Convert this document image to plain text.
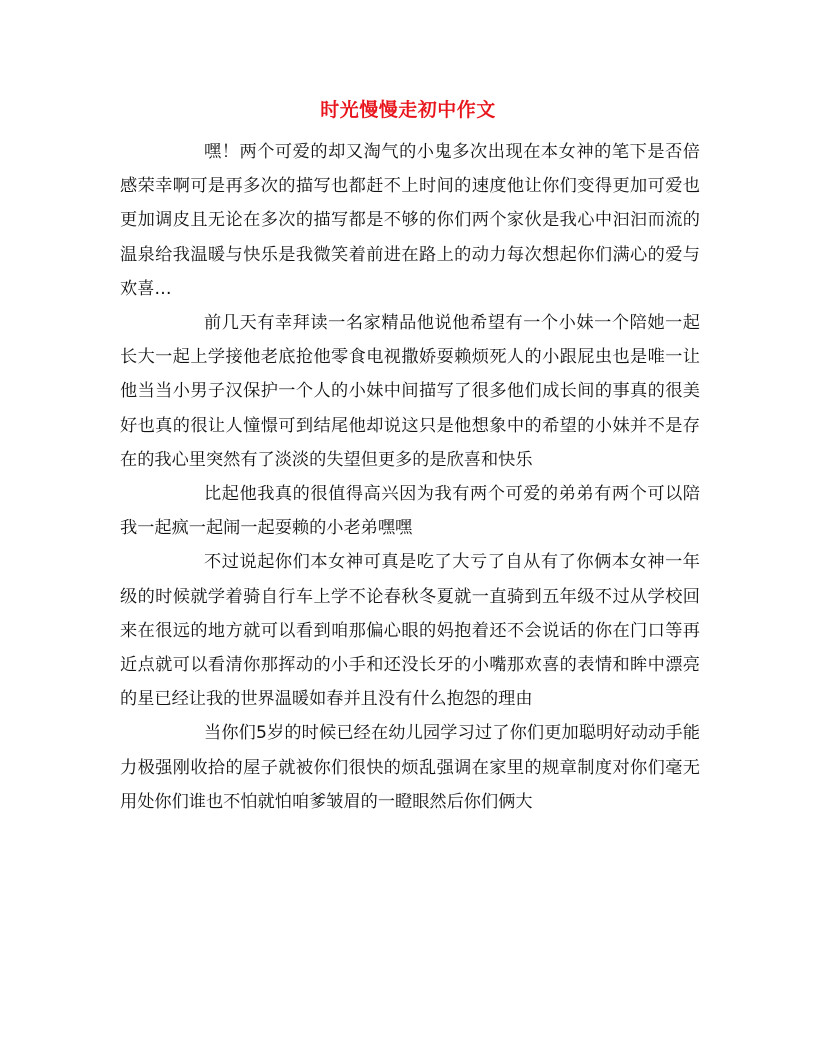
时光慢慢走初中作文

嘿！两个可爱的却又淘气的小鬼多次出现在本女神的笔下是否倍感荣幸啊可是再多次的描写也都赶不上时间的速度他让你们变得更加可爱也更加调皮且无论在多次的描写都是不够的你们两个家伙是我心中汩汩而流的温泉给我温暖与快乐是我微笑着前进在路上的动力每次想起你们满心的爱与欢喜…

前几天有幸拜读一名家精品他说他希望有一个小妹一个陪她一起长大一起上学接他老底抢他零食电视撒娇耍赖烦死人的小跟屁虫也是唯一让他当当小男子汉保护一个人的小妹中间描写了很多他们成长间的事真的很美好也真的很让人憧憬可到结尾他却说这只是他想象中的希望的小妹并不是存在的我心里突然有了淡淡的失望但更多的是欣喜和快乐

比起他我真的很值得高兴因为我有两个可爱的弟弟有两个可以陪我一起疯一起闹一起耍赖的小老弟嘿嘿

不过说起你们本女神可真是吃了大亏了自从有了你俩本女神一年级的时候就学着骑自行车上学不论春秋冬夏就一直骑到五年级不过从学校回来在很远的地方就可以看到咱那偏心眼的妈抱着还不会说话的你在门口等再近点就可以看清你那挥动的小手和还没长牙的小嘴那欢喜的表情和眸中漂亮的星已经让我的世界温暖如春并且没有什么抱怨的理由

当你们5岁的时候已经在幼儿园学习过了你们更加聪明好动动手能力极强刚收拾的屋子就被你们很快的烦乱强调在家里的规章制度对你们毫无用处你们谁也不怕就怕咱爹皱眉的一瞪眼然后你们俩大
